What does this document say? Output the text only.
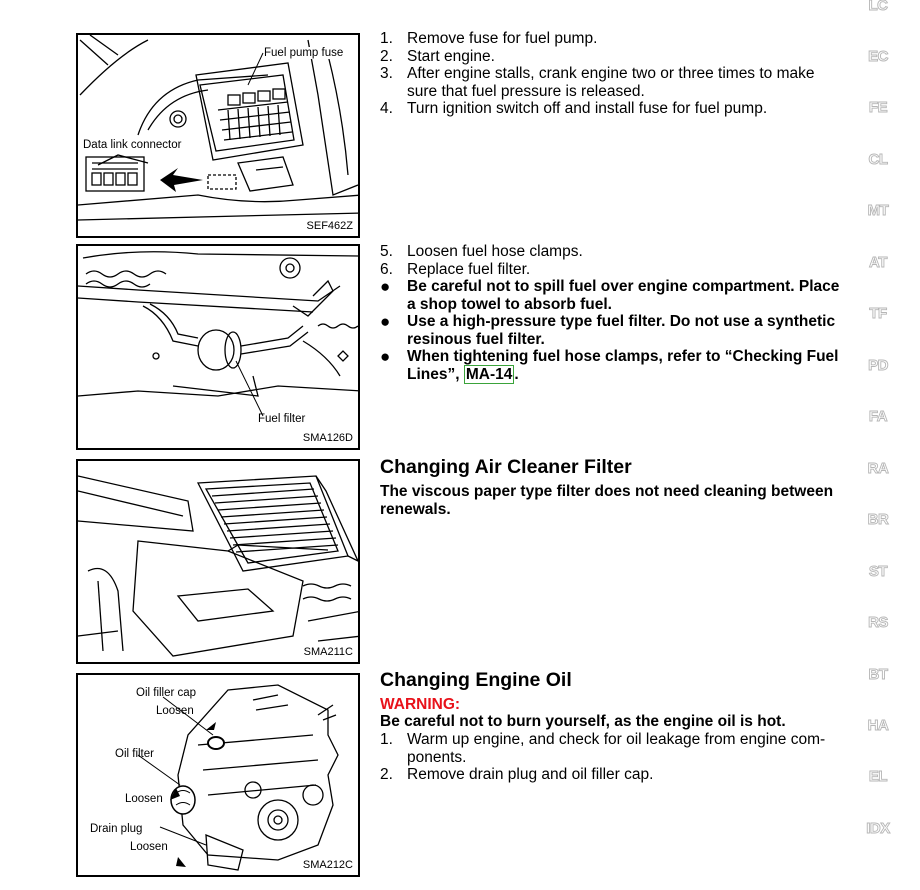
Fuel pump fuse
Data link connector
SEF462Z
Fuel filter
SMA126D
SMA211C
Oil filler cap
Loosen
Oil filter
Loosen
Drain plug
Loosen
SMA212C
1. Remove fuse for fuel pump.
2. Start engine.
3. After engine stalls, crank engine two or three times to make
sure that fuel pressure is released.
4. Turn ignition switch off and install fuse for fuel pump.
5. Loosen fuel hose clamps.
6. Replace fuel filter.
● Be careful not to spill fuel over engine compartment. Place
a shop towel to absorb fuel.
● Use a high-pressure type fuel filter. Do not use a synthetic
resinous fuel filter.
● When tightening fuel hose clamps, refer to “Checking Fuel
Lines”, MA-14 .
Changing Air Cleaner Filter
The viscous paper type filter does not need cleaning between
renewals.
Changing Engine Oil
WARNING:
Be careful not to burn yourself, as the engine oil is hot.
1. Warm up engine, and check for oil leakage from engine com-
ponents.
2. Remove drain plug and oil filler cap.
LC
EC
FE
CL
MT
AT
TF
PD
FA
RA
BR
ST
RS
BT
HA
EL
IDX
